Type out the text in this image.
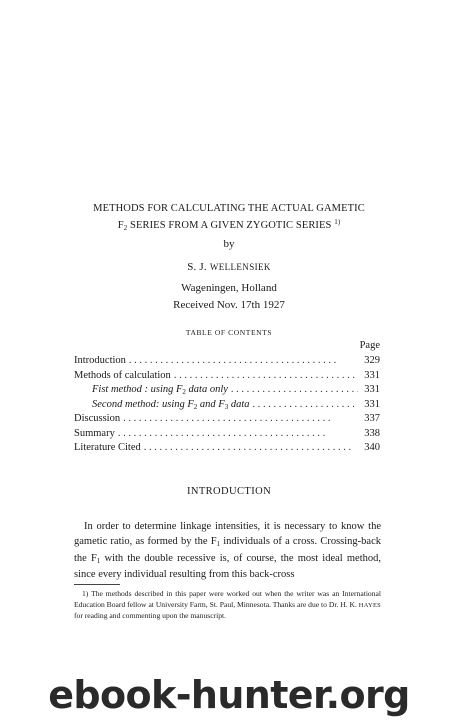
METHODS FOR CALCULATING THE ACTUAL GAMETIC
$F_2$ SERIES FROM A GIVEN ZYGOTIC SERIES $^{1)}$
by
S. J. WELLENSIEK
Wageningen, Holland
Received Nov. 17th 1927
TABLE OF CONTENTS
Page
Introduction . . .	329
Methods of calculation . . .	331
Fist method : using $F_2$ data only . . .	331
Second method: using $F_2$ and $F_3$ data . . .	331
Discussion . . .	337
Summary . . .	338
Literature Cited . . .	340
INTRODUCTION

In order to determine linkage intensities, it is necessary to know the gametic ratio, as formed by the $F_1$ individuals of a cross. Crossing-back the $F_1$ with the double recessive is, of course, the most ideal method, since every individual resulting from this back-cross

1) The methods described in this paper were worked out when the writer was an International Education Board fellow at University Farm, St. Paul, Minnesota. Thanks are due to Dr. H. K. HAYES for reading and commenting upon the manuscript.

ebook-hunter.org
